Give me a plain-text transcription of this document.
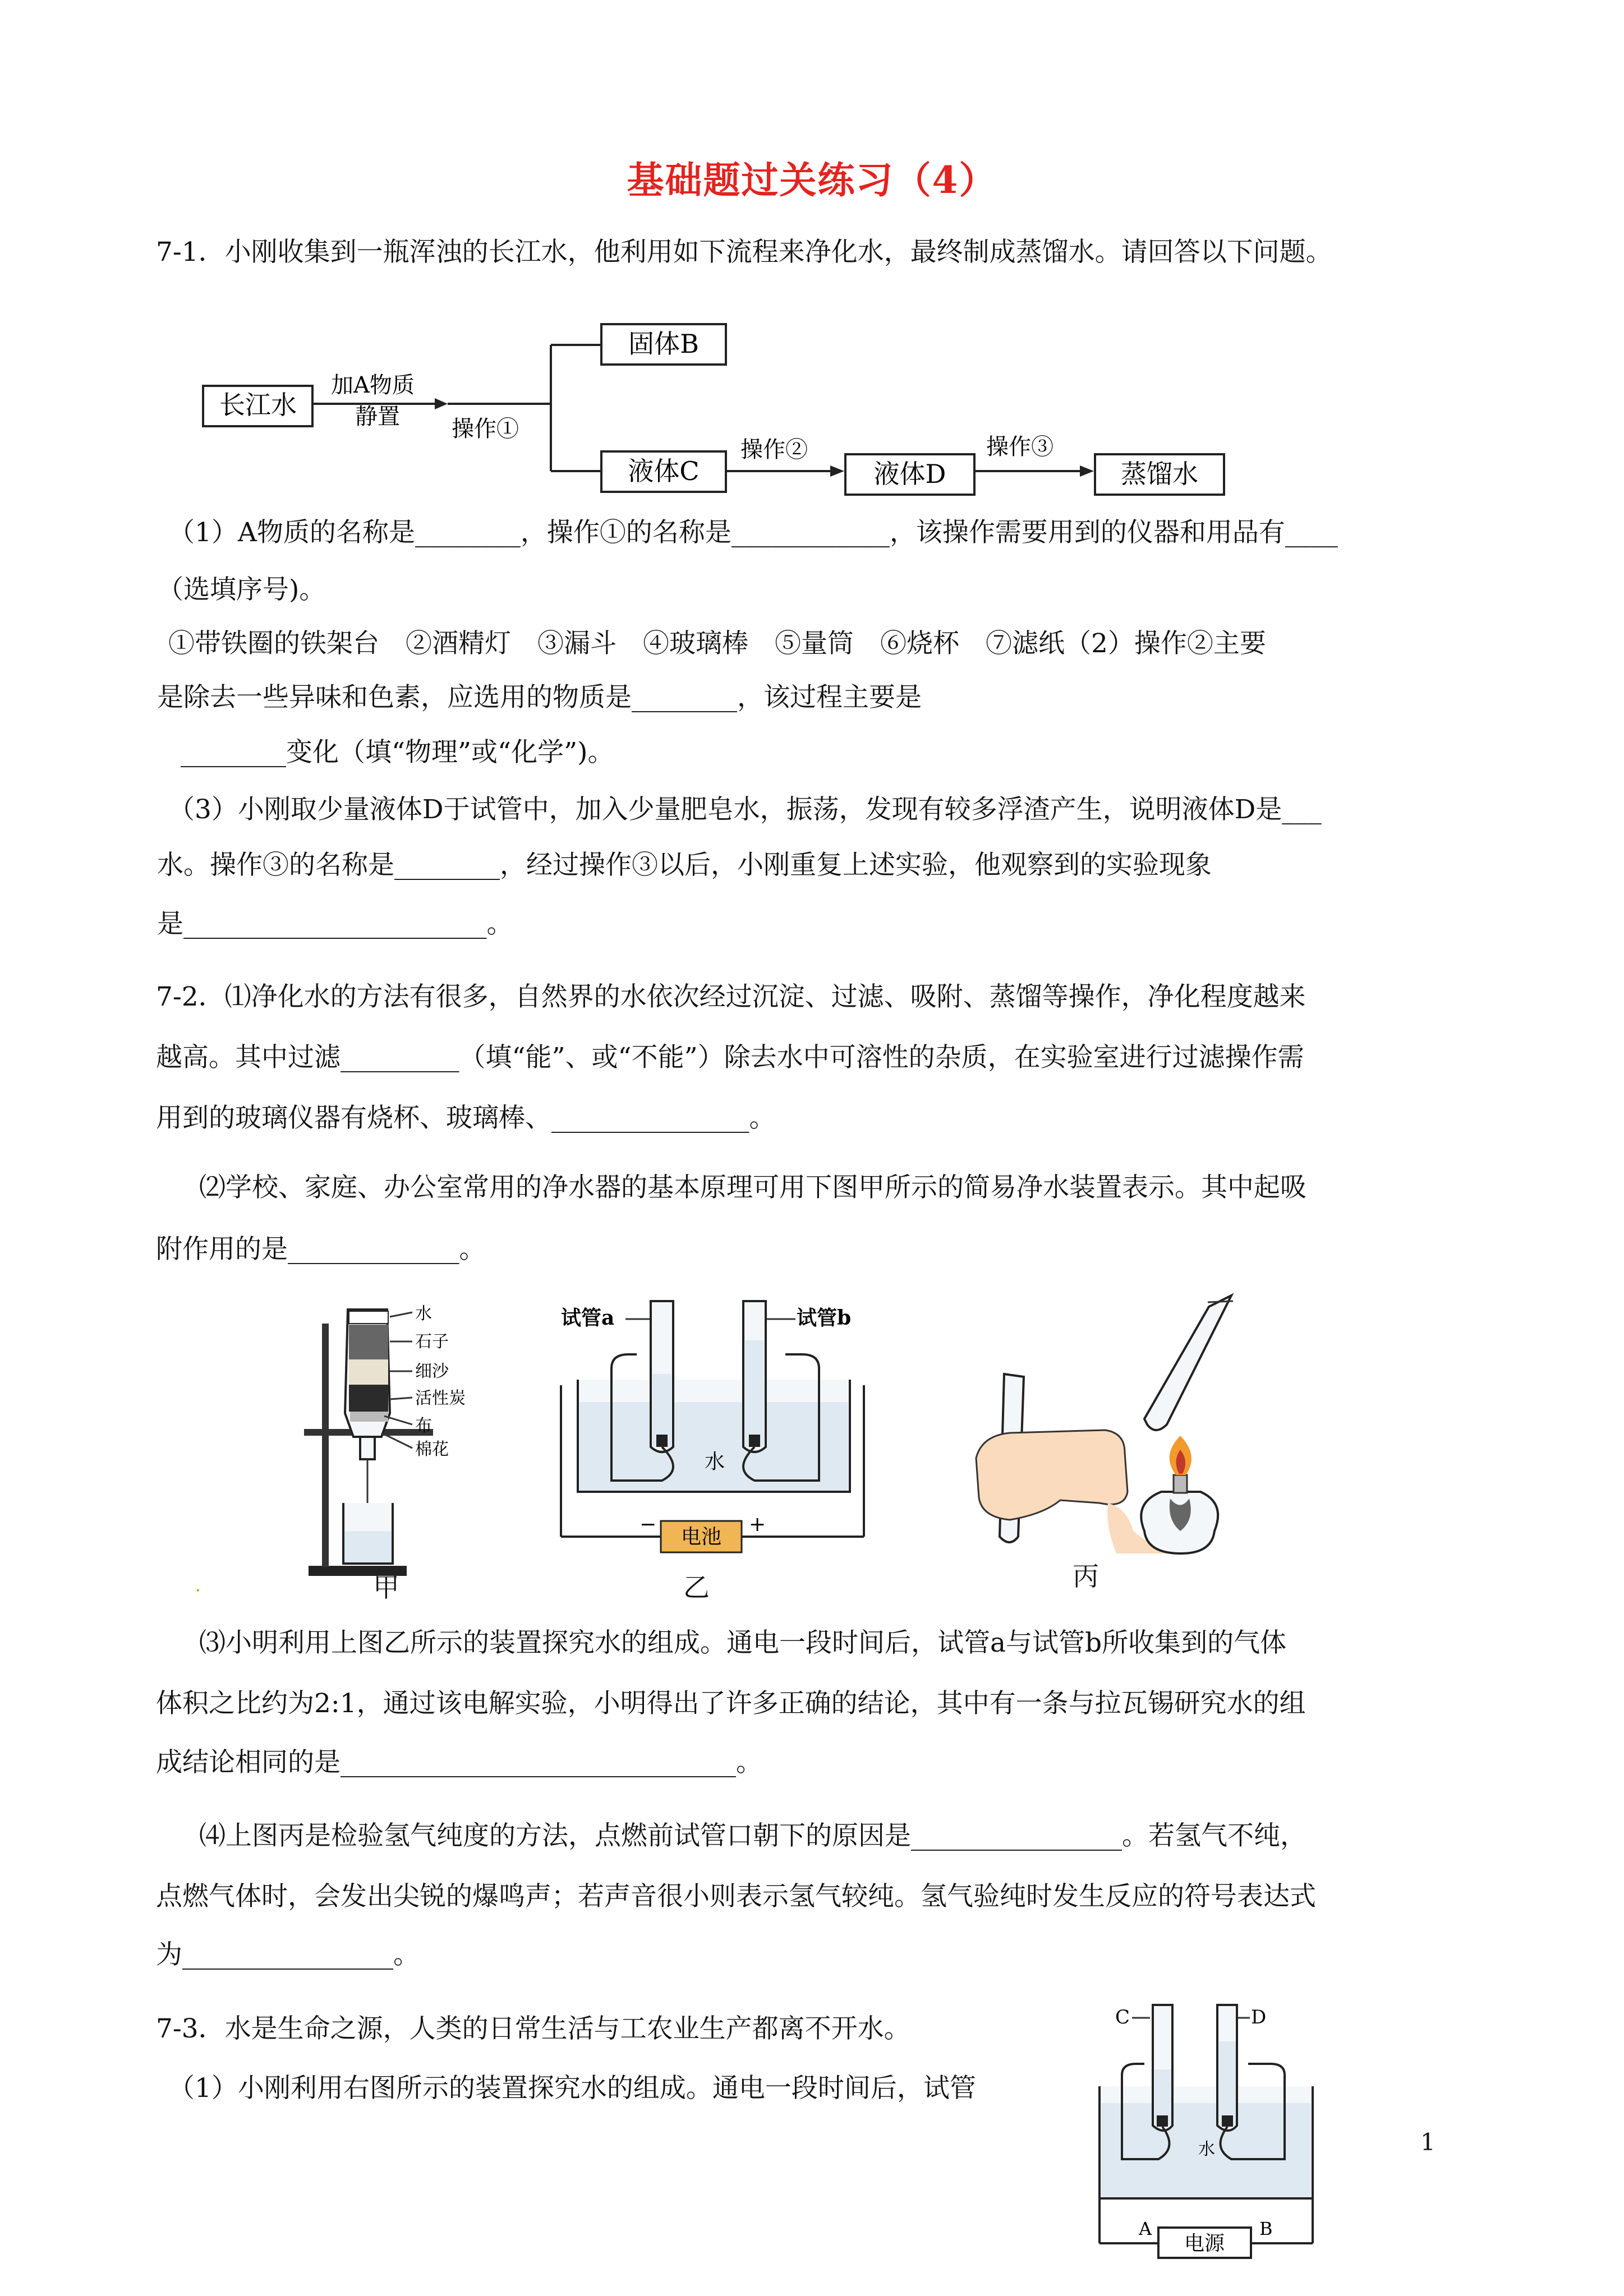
基础题过关练习（4）
7-1．小刚收集到一瓶浑浊的长江水，他利用如下流程来净化水，最终制成蒸馏水。请回答以下问题。
长江水
加A物质
静置 操作①
固体B
液体C
操作②
液体D
操作③
蒸馏水
（1）A物质的名称是________，操作①的名称是____________，该操作需要用到的仪器和用品有____
（选填序号)。
①带铁圈的铁架台　②酒精灯　③漏斗　④玻璃棒　⑤量筒　⑥烧杯　⑦滤纸（2）操作②主要
是除去一些异味和色素，应选用的物质是________，该过程主要是
________变化（填“物理”或“化学”)。
（3）小刚取少量液体D于试管中，加入少量肥皂水，振荡，发现有较多浮渣产生，说明液体D是___
水。操作③的名称是________，经过操作③以后，小刚重复上述实验，他观察到的实验现象
是_______________________。
7-2．⑴净化水的方法有很多，自然界的水依次经过沉淀、过滤、吸附、蒸馏等操作，净化程度越来
越高。其中过滤_________（填“能”、或“不能”）除去水中可溶性的杂质，在实验室进行过滤操作需
用到的玻璃仪器有烧杯、玻璃棒、_______________。
⑵学校、家庭、办公室常用的净水器的基本原理可用下图甲所示的简易净水装置表示。其中起吸
附作用的是_____________。
水
石子
细沙
活性炭
布
棉花
甲
.
试管a	试管b
水
电池
−	+
乙	丙
⑶小明利用上图乙所示的装置探究水的组成。通电一段时间后，试管a与试管b所收集到的气体
体积之比约为2:1，通过该电解实验，小明得出了许多正确的结论，其中有一条与拉瓦锡研究水的组
成结论相同的是______________________________。
⑷上图丙是检验氢气纯度的方法，点燃前试管口朝下的原因是________________。若氢气不纯，
点燃气体时，会发出尖锐的爆鸣声；若声音很小则表示氢气较纯。氢气验纯时发生反应的符号表达式
为________________。
7-3．水是生命之源，人类的日常生活与工农业生产都离不开水。
（1）小刚利用右图所示的装置探究水的组成。通电一段时间后，试管
C	D
水
电源
A	B
1
